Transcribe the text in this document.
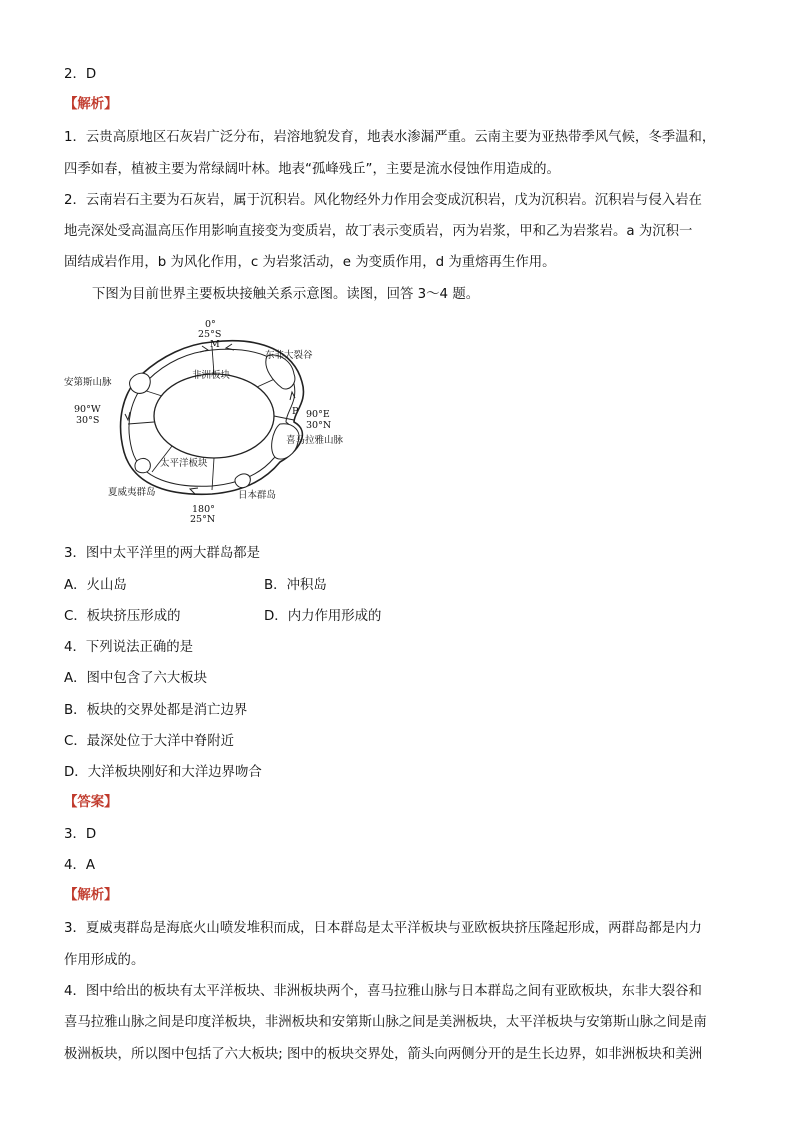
2．D
【解析】
1．云贵高原地区石灰岩广泛分布，岩溶地貌发育，地表水渗漏严重。云南主要为亚热带季风气候，冬季温和，
四季如春，植被主要为常绿阔叶林。地表“孤峰残丘”，主要是流水侵蚀作用造成的。
2．云南岩石主要为石灰岩，属于沉积岩。风化物经外力作用会变成沉积岩，戊为沉积岩。沉积岩与侵入岩在
地壳深处受高温高压作用影响直接变为变质岩，故丁表示变质岩，丙为岩浆，甲和乙为岩浆岩。a 为沉积一
固结成岩作用，b 为风化作用，c 为岩浆活动，e 为变质作用，d 为重熔再生作用。
下图为目前世界主要板块接触关系示意图。读图，回答 3～4 题。
0°
25°S
M
东非大裂谷
安第斯山脉
非洲板块
90°W
30°S
P 90°E
30°N
喜马拉雅山脉
太平洋板块
夏威夷群岛	日本群岛
180°
25°N
3．图中太平洋里的两大群岛都是
A．火山岛	B．冲积岛
C．板块挤压形成的	D．内力作用形成的
4．下列说法正确的是
A．图中包含了六大板块
B．板块的交界处都是消亡边界
C．最深处位于大洋中脊附近
D．大洋板块刚好和大洋边界吻合
【答案】
3．D
4．A
【解析】
3．夏威夷群岛是海底火山喷发堆积而成，日本群岛是太平洋板块与亚欧板块挤压隆起形成，两群岛都是内力
作用形成的。
4．图中给出的板块有太平洋板块、非洲板块两个，喜马拉雅山脉与日本群岛之间有亚欧板块，东非大裂谷和
喜马拉雅山脉之间是印度洋板块，非洲板块和安第斯山脉之间是美洲板块，太平洋板块与安第斯山脉之间是南
极洲板块，所以图中包括了六大板块; 图中的板块交界处，箭头向两侧分开的是生长边界，如非洲板块和美洲
